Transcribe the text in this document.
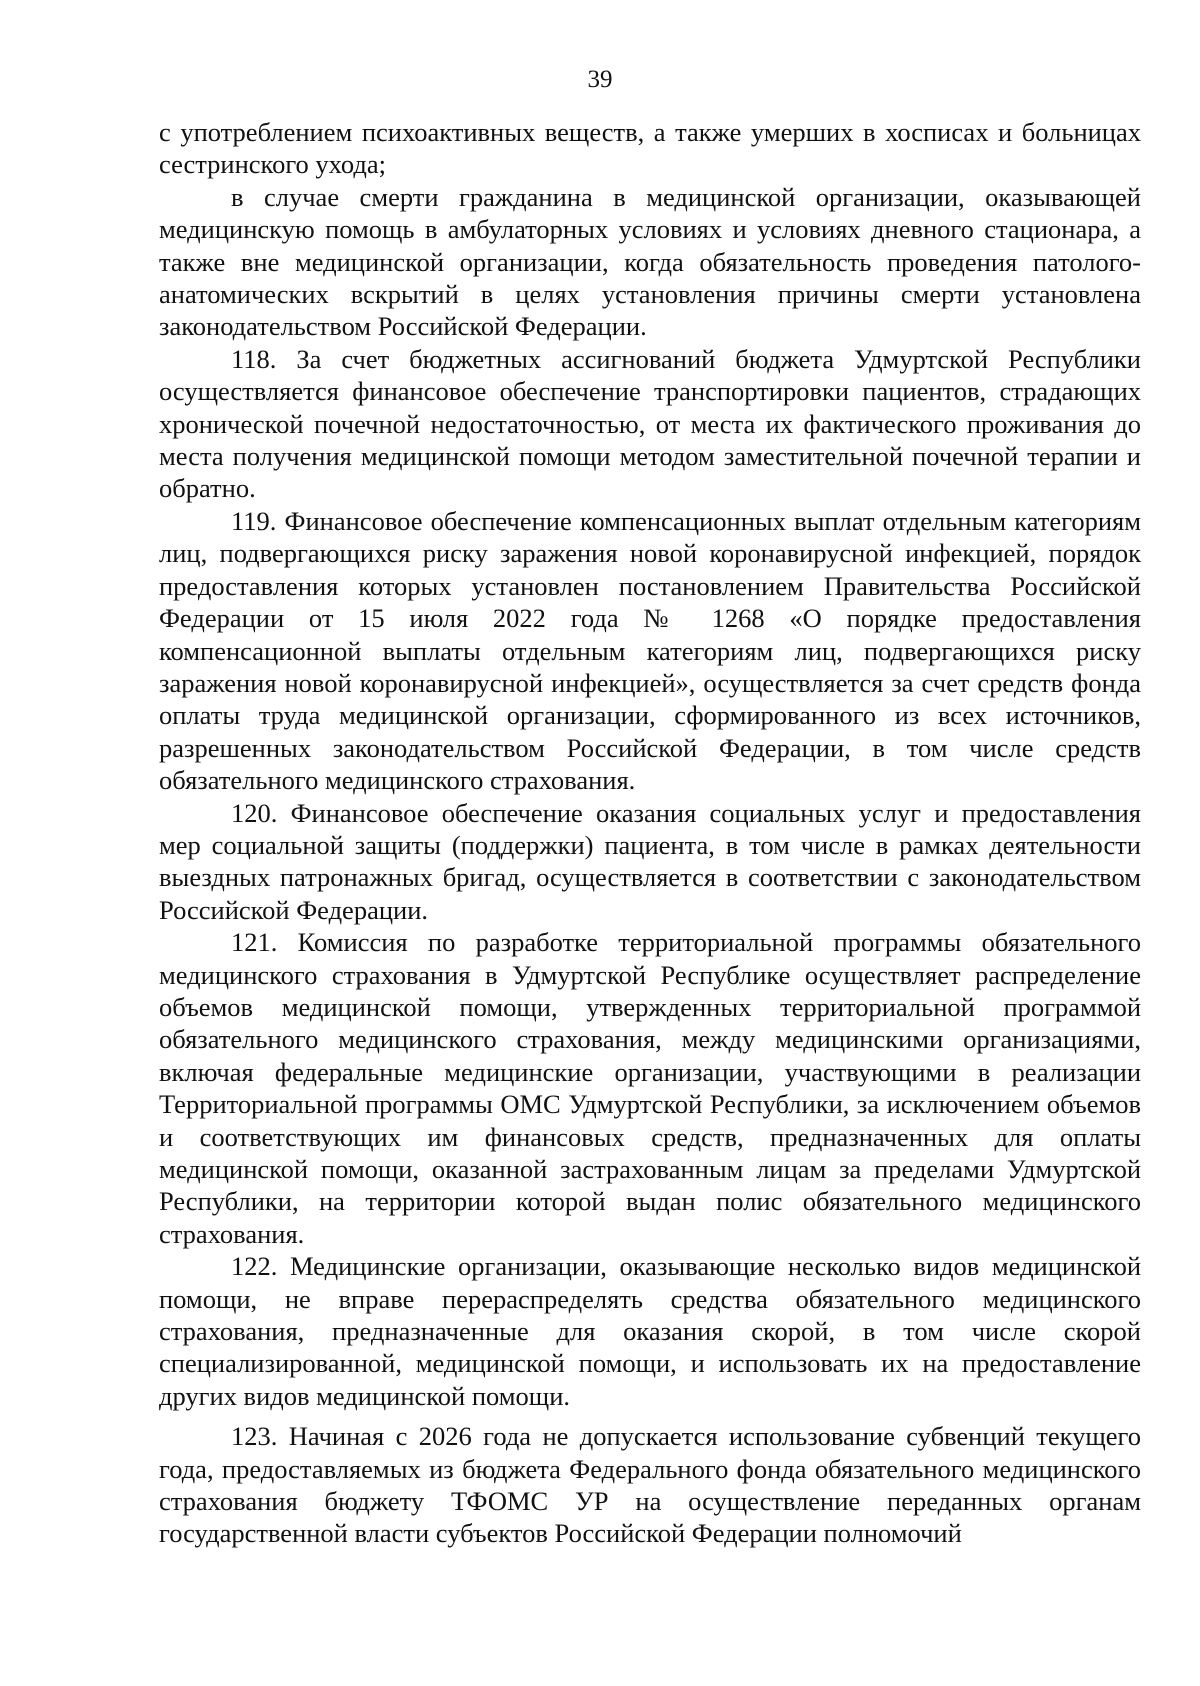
39

с употреблением психоактивных веществ, а также умерших в хосписах и больницах сестринского ухода;

в случае смерти гражданина в медицинской организации, оказывающей медицинскую помощь в амбулаторных условиях и условиях дневного стационара, а также вне медицинской организации, когда обязательность проведения патолого-анатомических вскрытий в целях установления причины смерти установлена законодательством Российской Федерации.

118. За счет бюджетных ассигнований бюджета Удмуртской Республики осуществляется финансовое обеспечение транспортировки пациентов, страдающих хронической почечной недостаточностью, от места их фактического проживания до места получения медицинской помощи методом заместительной почечной терапии и обратно.

119. Финансовое обеспечение компенсационных выплат отдельным категориям лиц, подвергающихся риску заражения новой коронавирусной инфекцией, порядок предоставления которых установлен постановлением Правительства Российской Федерации от 15 июля 2022 года № 1268 «О порядке предоставления компенсационной выплаты отдельным категориям лиц, подвергающихся риску заражения новой коронавирусной инфекцией», осуществляется за счет средств фонда оплаты труда медицинской организации, сформированного из всех источников, разрешенных законодательством Российской Федерации, в том числе средств обязательного медицинского страхования.

120. Финансовое обеспечение оказания социальных услуг и предоставления мер социальной защиты (поддержки) пациента, в том числе в рамках деятельности выездных патронажных бригад, осуществляется в соответствии с законодательством Российской Федерации.

121. Комиссия по разработке территориальной программы обязательного медицинского страхования в Удмуртской Республике осуществляет распределение объемов медицинской помощи, утвержденных территориальной программой обязательного медицинского страхования, между медицинскими организациями, включая федеральные медицинские организации, участвующими в реализации Территориальной программы ОМС Удмуртской Республики, за исключением объемов и соответствующих им финансовых средств, предназначенных для оплаты медицинской помощи, оказанной застрахованным лицам за пределами Удмуртской Республики, на территории которой выдан полис обязательного медицинского страхования.

122. Медицинские организации, оказывающие несколько видов медицинской помощи, не вправе перераспределять средства обязательного медицинского страхования, предназначенные для оказания скорой, в том числе скорой специализированной, медицинской помощи, и использовать их на предоставление других видов медицинской помощи.

123. Начиная с 2026 года не допускается использование субвенций текущего года, предоставляемых из бюджета Федерального фонда обязательного медицинского страхования бюджету ТФОМС УР на осуществление переданных органам государственной власти субъектов Российской Федерации полномочий
